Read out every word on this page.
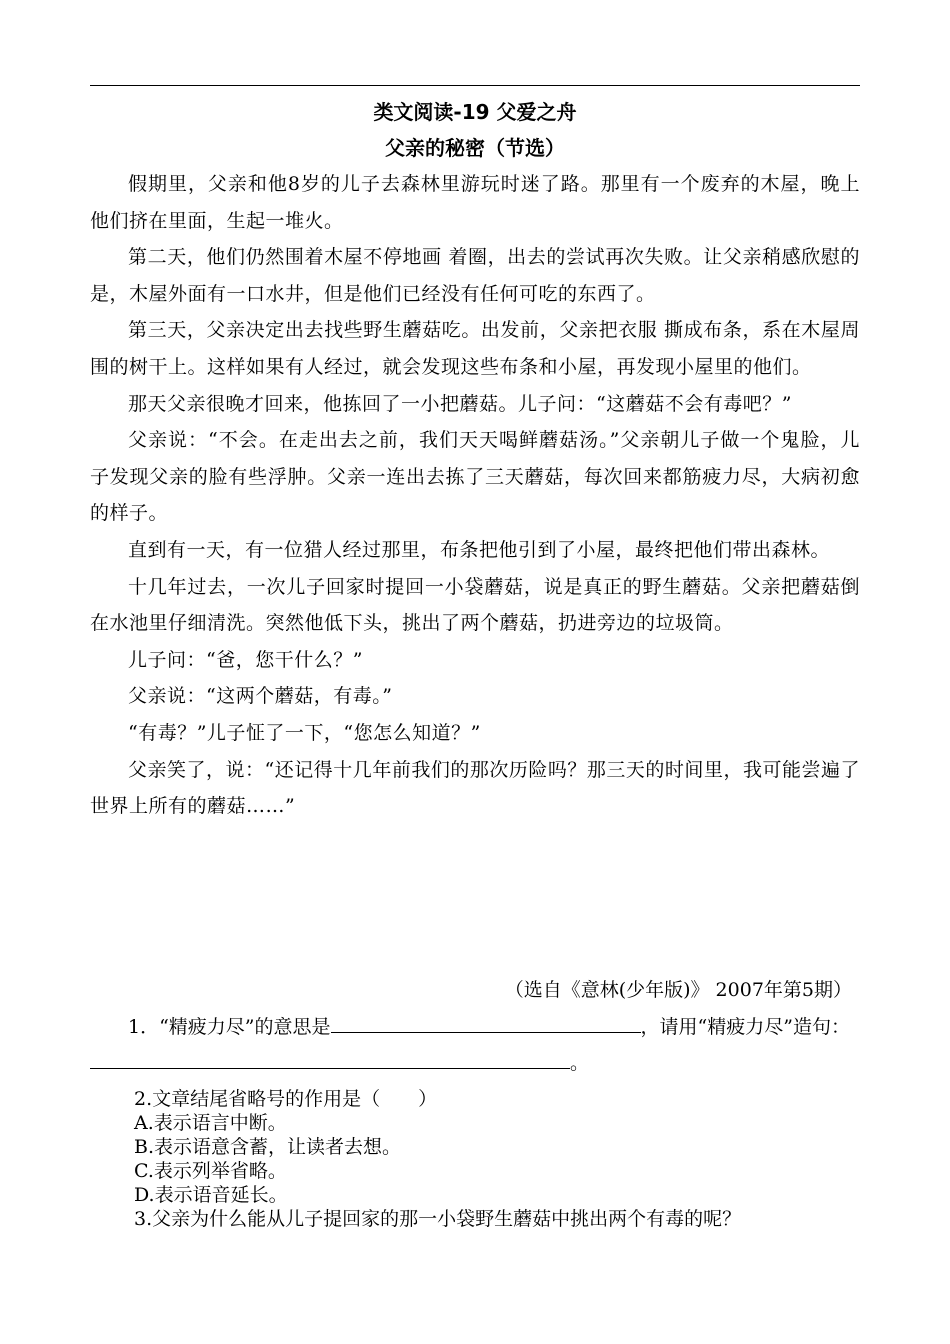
类文阅读-19 父爱之舟
父亲的秘密（节选）

假期里，父亲和他8岁的儿子去森林里游玩时迷了路。那里有一个废弃的木屋，晚上他们挤在里面，生起一堆火。

第二天，他们仍然围着木屋不停地画 着圈，出去的尝试再次失败。让父亲稍感欣慰的是，木屋外面有一口水井，但是他们已经没有任何可吃的东西了。

第三天，父亲决定出去找些野生蘑菇吃。出发前，父亲把衣服 撕成布条，系在木屋周围的树干上。这样如果有人经过，就会发现这些布条和小屋，再发现小屋里的他们。

那天父亲很晚才回来，他拣回了一小把蘑菇。儿子问：“这蘑菇不会有毒吧？”

父亲说：“不会。在走出去之前，我们天天喝鲜蘑菇汤。”父亲朝儿子做一个鬼脸，儿子发现父亲的脸有些浮肿。父亲一连出去拣了三天蘑菇，每次回来都筋疲力尽，大病初愈的样子。

直到有一天，有一位猎人经过那里，布条把他引到了小屋，最终把他们带出森林。

十几年过去，一次儿子回家时提回一小袋蘑菇，说是真正的野生蘑菇。父亲把蘑菇倒在水池里仔细清洗。突然他低下头，挑出了两个蘑菇，扔进旁边的垃圾筒。

儿子问：“爸，您干什么？”

父亲说：“这两个蘑菇，有毒。”

“有毒？”儿子怔了一下，“您怎么知道？”

父亲笑了，说：“还记得十几年前我们的那次历险吗？那三天的时间里，我可能尝遍了世界上所有的蘑菇……”

（选自《意林(少年版)》 2007年第5期）
1．“精疲力尽”的意思是	，请用“精疲力尽”造句：
。
2.文章结尾省略号的作用是（　　）
A.表示语言中断。
B.表示语意含蓄，让读者去想。
C.表示列举省略。
D.表示语音延长。
3.父亲为什么能从儿子提回家的那一小袋野生蘑菇中挑出两个有毒的呢？
